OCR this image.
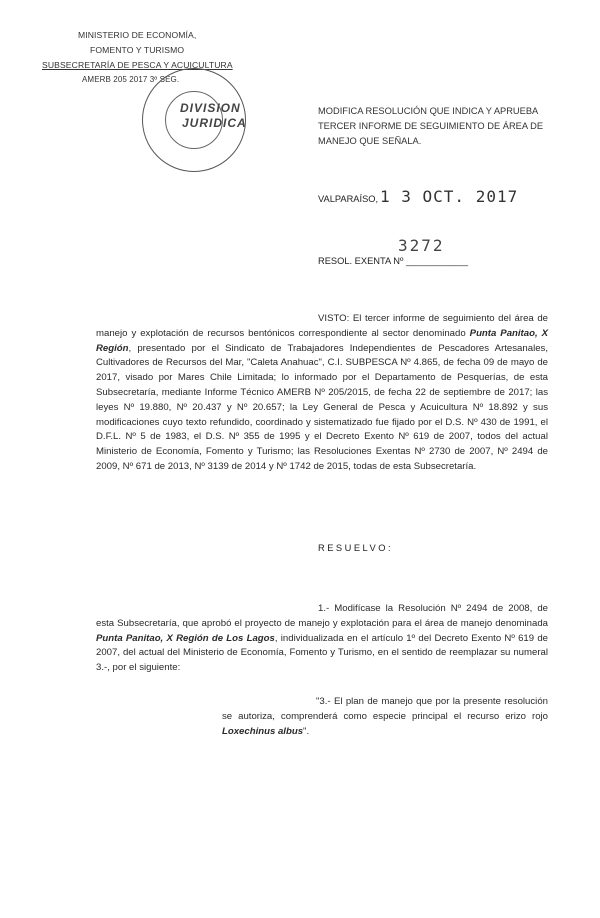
MINISTERIO DE ECONOMÍA,
FOMENTO Y TURISMO
SUBSECRETARÍA DE PESCA Y ACUICULTURA
AMERB 205 2017 3º SEG.
DIVISION
JURIDICA
MODIFICA RESOLUCIÓN QUE INDICA Y APRUEBA TERCER INFORME DE SEGUIMIENTO DE ÁREA DE MANEJO QUE SEÑALA.
VALPARAÍSO, 1 3 OCT. 2017
RESOL. EXENTA Nº ____________
3272
VISTO: El tercer informe de seguimiento del área de manejo y explotación de recursos bentónicos correspondiente al sector denominado Punta Panitao, X Región, presentado por el Sindicato de Trabajadores Independientes de Pescadores Artesanales, Cultivadores de Recursos del Mar, "Caleta Anahuac", C.I. SUBPESCA Nº 4.865, de fecha 09 de mayo de 2017, visado por Mares Chile Limitada; lo informado por el Departamento de Pesquerías, de esta Subsecretaría, mediante Informe Técnico AMERB Nº 205/2015, de fecha 22 de septiembre de 2017; las leyes Nº 19.880, Nº 20.437 y Nº 20.657; la Ley General de Pesca y Acuicultura Nº 18.892 y sus modificaciones cuyo texto refundido, coordinado y sistematizado fue fijado por el D.S. Nº 430 de 1991, el D.F.L. Nº 5 de 1983, el D.S. Nº 355 de 1995 y el Decreto Exento Nº 619 de 2007, todos del actual Ministerio de Economía, Fomento y Turismo; las Resoluciones Exentas Nº 2730 de 2007, Nº 2494 de 2009, Nº 671 de 2013, Nº 3139 de 2014 y Nº 1742 de 2015, todas de esta Subsecretaría.
RESUELVO:
1.- Modifícase la Resolución Nº 2494 de 2008, de esta Subsecretaría, que aprobó el proyecto de manejo y explotación para el área de manejo denominada Punta Panitao, X Región de Los Lagos, individualizada en el artículo 1º del Decreto Exento Nº 619 de 2007, del actual del Ministerio de Economía, Fomento y Turismo, en el sentido de reemplazar su numeral 3.-, por el siguiente:
"3.- El plan de manejo que por la presente resolución se autoriza, comprenderá como especie principal el recurso erizo rojo Loxechinus albus".
